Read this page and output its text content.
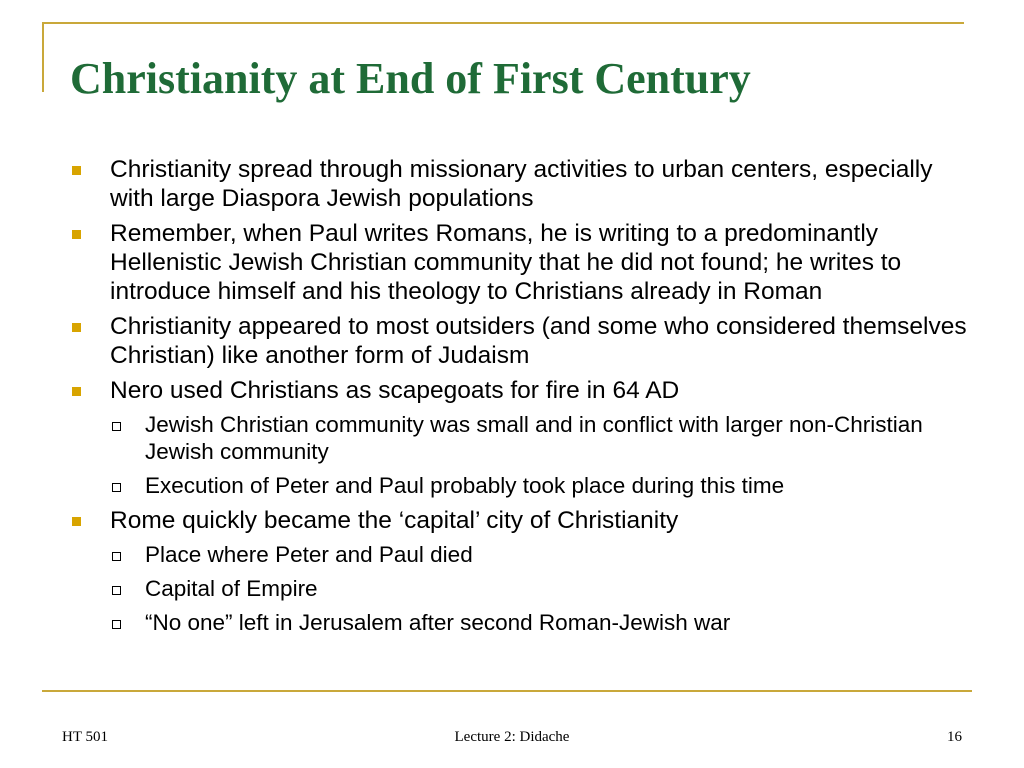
Christianity at End of First Century
Christianity spread through missionary activities to urban centers, especially with large Diaspora Jewish populations
Remember, when Paul writes Romans, he is writing to a predominantly Hellenistic Jewish Christian community that he did not found; he writes to introduce himself and his theology to Christians already in Roman
Christianity appeared to most outsiders (and some who considered themselves Christian) like another form of Judaism
Nero used Christians as scapegoats for fire in 64 AD
Jewish Christian community was small and in conflict with larger non-Christian Jewish community
Execution of Peter and Paul probably took place during this time
Rome quickly became the ‘capital’ city of Christianity
Place where Peter and Paul died
Capital of Empire
“No one” left in Jerusalem after second Roman-Jewish war
HT 501	Lecture 2: Didache	16
